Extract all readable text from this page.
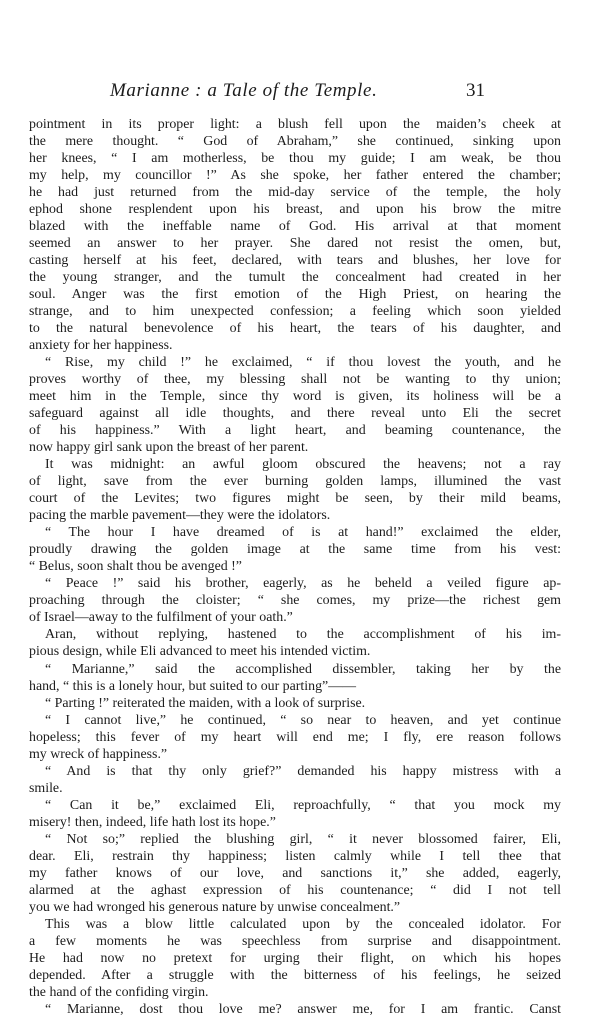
Marianne : a Tale of the Temple.	31
pointment in its proper light: a blush fell upon the maiden’s cheek at
the mere thought. “ God of Abraham,” she continued, sinking upon
her knees, “ I am motherless, be thou my guide; I am weak, be thou
my help, my councillor !” As she spoke, her father entered the chamber;
he had just returned from the mid-day service of the temple, the holy
ephod shone resplendent upon his breast, and upon his brow the mitre
blazed with the ineffable name of God. His arrival at that moment
seemed an answer to her prayer. She dared not resist the omen, but,
casting herself at his feet, declared, with tears and blushes, her love for
the young stranger, and the tumult the concealment had created in her
soul. Anger was the first emotion of the High Priest, on hearing the
strange, and to him unexpected confession; a feeling which soon yielded
to the natural benevolence of his heart, the tears of his daughter, and
anxiety for her happiness.
“ Rise, my child !” he exclaimed, “ if thou lovest the youth, and he
proves worthy of thee, my blessing shall not be wanting to thy union;
meet him in the Temple, since thy word is given, its holiness will be a
safeguard against all idle thoughts, and there reveal unto Eli the secret
of his happiness.” With a light heart, and beaming countenance, the
now happy girl sank upon the breast of her parent.
It was midnight: an awful gloom obscured the heavens; not a ray
of light, save from the ever burning golden lamps, illumined the vast
court of the Levites; two figures might be seen, by their mild beams,
pacing the marble pavement—they were the idolators.
“ The hour I have dreamed of is at hand!” exclaimed the elder,
proudly drawing the golden image at the same time from his vest:
“ Belus, soon shalt thou be avenged !”
“ Peace !” said his brother, eagerly, as he beheld a veiled figure ap-
proaching through the cloister; “ she comes, my prize—the richest gem
of Israel—away to the fulfilment of your oath.”
Aran, without replying, hastened to the accomplishment of his im-
pious design, while Eli advanced to meet his intended victim.
“ Marianne,” said the accomplished dissembler, taking her by the
hand, “ this is a lonely hour, but suited to our parting”——
“ Parting !” reiterated the maiden, with a look of surprise.
“ I cannot live,” he continued, “ so near to heaven, and yet continue
hopeless; this fever of my heart will end me; I fly, ere reason follows
my wreck of happiness.”
“ And is that thy only grief?” demanded his happy mistress with a
smile.
“ Can it be,” exclaimed Eli, reproachfully, “ that you mock my
misery! then, indeed, life hath lost its hope.”
“ Not so;” replied the blushing girl, “ it never blossomed fairer, Eli,
dear. Eli, restrain thy happiness; listen calmly while I tell thee that
my father knows of our love, and sanctions it,” she added, eagerly,
alarmed at the aghast expression of his countenance; “ did I not tell
you we had wronged his generous nature by unwise concealment.”
This was a blow little calculated upon by the concealed idolator. For
a few moments he was speechless from surprise and disappointment.
He had now no pretext for urging their flight, on which his hopes
depended. After a struggle with the bitterness of his feelings, he seized
the hand of the confiding virgin.
“ Marianne, dost thou love me? answer me, for I am frantic. Canst
